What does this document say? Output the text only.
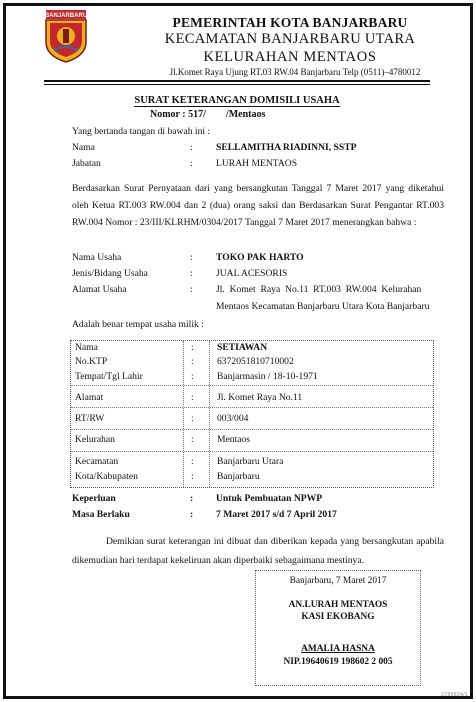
BANJARBARU	PEMERINTAH KOTA BANJARBARU
KECAMATAN BANJARBARU UTARA
KELURAHAN MENTAOS
Jl.Komet Raya Ujung RT.03 RW.04 Banjarbaru Telp (0511)–4780012
SURAT KETERANGAN DOMISILI USAHA
Nomor : 517/        /Mentaos
Yang bertanda tangan di bawah ini :
Nama	: SELLAMITHA RIADINNI, SSTP
Jabatan	: LURAH MENTAOS
Berdasarkan Surat Pernyataan dari yang bersangkutan Tanggal 7 Maret 2017 yang diketahui oleh Ketua RT.003 RW.004 dan 2 (dua) orang saksi dan Berdasarkan Surat Pengantar RT.003 RW.004 Nomor : 23/III/KLRHM/0304/2017 Tanggal 7 Maret 2017 menerangkan bahwa :
Nama Usaha	: TOKO PAK HARTO
Jenis/Bidang Usaha	: JUAL ACESORIS
Alamat Usaha	: Jl.  Komet  Raya  No.11  RT.003  RW.004  Kelurahan
Mentaos Kecamatan Banjarbaru Utara Kota Banjarbaru
Adalah benar tempat usaha milik :
Nama	: SETIAWAN
No.KTP	: 6372051810710002
Tempat/Tgl Lahir	: Banjarmasin / 18-10-1971
Alamat	: Jl. Komet Raya No.11
RT/RW	: 003/004
Kelurahan	: Mentaos
Kecamatan	: Banjarbaru Utara
Kota/Kabupaten	: Banjarbaru
Keperluan	: Untuk Pembuatan NPWP
Masa Berlaku	: 7 Maret 2017 s/d 7 April 2017
Demikian surat keterangan ini dibuat dan diberikan kepada yang bersangkutan apabila dikemudian hari terdapat kekeliruan akan diperbaiki sebagaimana mestinya.
Banjarbaru, 7 Maret 2017
AN.LURAH MENTAOS
KASI EKOBANG
AMALIA HASNA
NIP.19640619 198602 2 005
2786834/1
